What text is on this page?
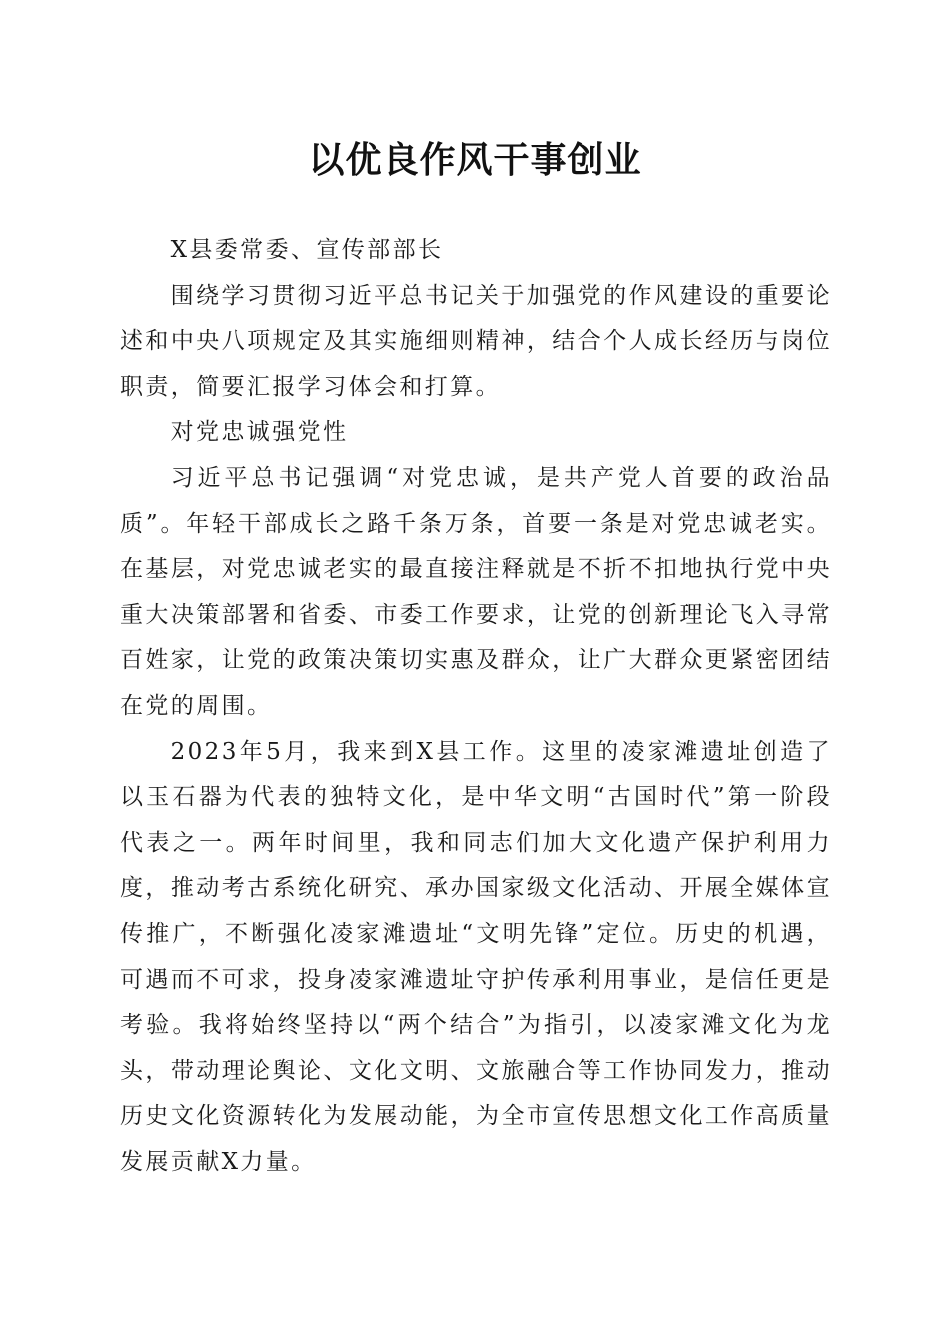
以优良作风干事创业

X县委常委、宣传部部长

围绕学习贯彻习近平总书记关于加强党的作风建设的重要论述和中央八项规定及其实施细则精神，结合个人成长经历与岗位职责，简要汇报学习体会和打算。

对党忠诚强党性

习近平总书记强调“对党忠诚，是共产党人首要的政治品质”。年轻干部成长之路千条万条，首要一条是对党忠诚老实。在基层，对党忠诚老实的最直接注释就是不折不扣地执行党中央重大决策部署和省委、市委工作要求，让党的创新理论飞入寻常百姓家，让党的政策决策切实惠及群众，让广大群众更紧密团结在党的周围。

2023年5月，我来到X县工作。这里的凌家滩遗址创造了以玉石器为代表的独特文化，是中华文明“古国时代”第一阶段代表之一。两年时间里，我和同志们加大文化遗产保护利用力度，推动考古系统化研究、承办国家级文化活动、开展全媒体宣传推广，不断强化凌家滩遗址“文明先锋”定位。历史的机遇，可遇而不可求，投身凌家滩遗址守护传承利用事业，是信任更是考验。我将始终坚持以“两个结合”为指引，以凌家滩文化为龙头，带动理论舆论、文化文明、文旅融合等工作协同发力，推动历史文化资源转化为发展动能，为全市宣传思想文化工作高质量发展贡献X力量。
